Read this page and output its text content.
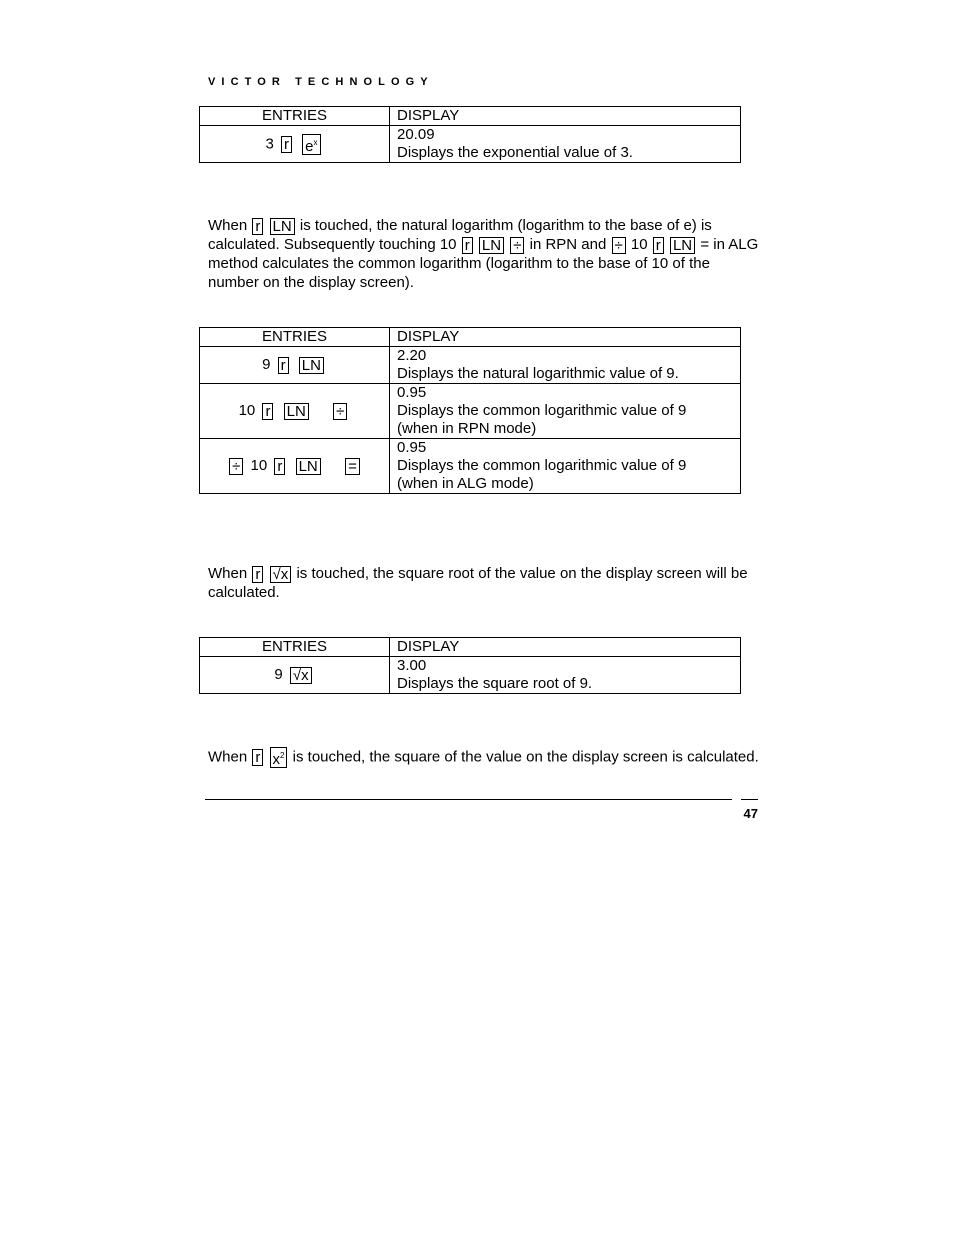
VICTOR TECHNOLOGY
ENTRIES	DISPLAY
3 r $e^x$	20.09
Displays the exponential value of 3.
When r LN is touched, the natural logarithm (logarithm to the base of e) is calculated. Subsequently touching 10 r LN ÷ in RPN and ÷ 10 r LN = in ALG method calculates the common logarithm (logarithm to the base of 10 of the number on the display screen).
ENTRIES	DISPLAY
9 r LN	2.20
Displays the natural logarithmic value of 9.

10 r LN ÷	0.95
Displays the common logarithmic value of 9
(when in RPN mode)

÷ 10 r LN =	0.95
Displays the common logarithmic value of 9
(when in ALG mode)
When r √x is touched, the square root of the value on the display screen will be calculated.
ENTRIES	DISPLAY
9 √x	3.00
Displays the square root of 9.
When r $x^2$ is touched, the square of the value on the display screen is calculated.
47
